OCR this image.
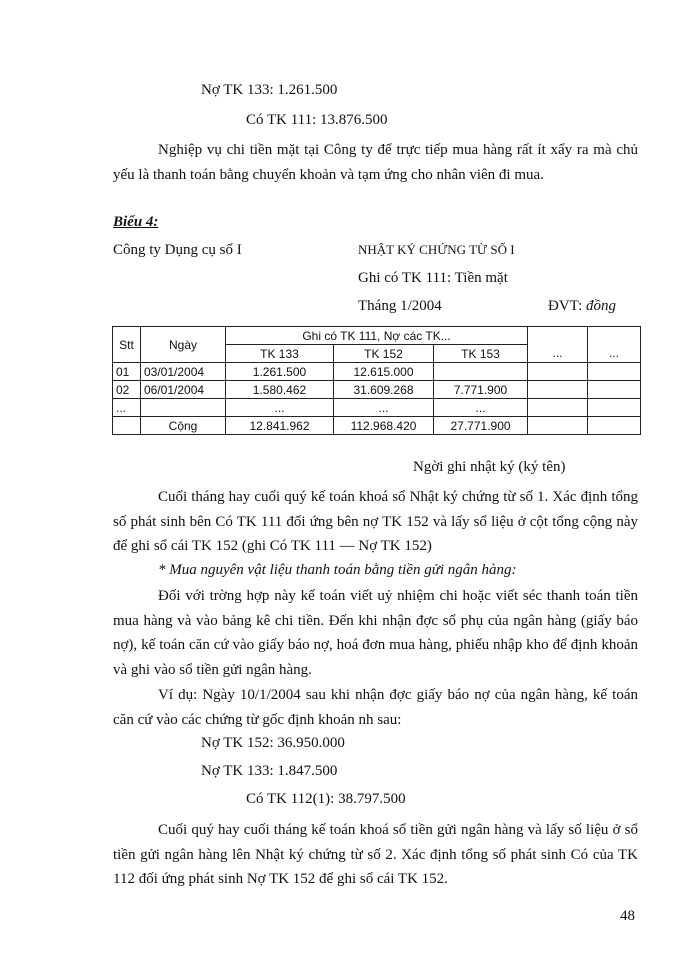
Nợ TK 133: 1.261.500
Có TK 111: 13.876.500
Nghiệp vụ chi tiền mặt tại Công ty để trực tiếp mua hàng rất ít xẩy ra mà chủ yếu là thanh toán bằng chuyển khoản và tạm ứng cho nhân viên đi mua.
Biểu 4:
Công ty Dụng cụ số I	NHẬT KÝ CHỨNG TỪ SỐ I
Ghi có TK 111: Tiền mặt
Tháng 1/2004	ĐVT: đồng
Stt	Ngày	Ghi có TK 111, Nợ các TK...				
		TK 133	TK 152	TK 153	...	...
01	03/01/2004	1.261.500	12.615.000			
02	06/01/2004	1.580.462	31.609.268	7.771.900		
...		...	...	...		
	Cộng	12.841.962	112.968.420	27.771.900		
Ngời ghi nhật ký (ký tên)
Cuối tháng hay cuối quý kế toán khoá sổ Nhật ký chứng từ số 1. Xác định tổng số phát sinh bên Có TK 111 đối ứng bên nợ TK 152 và lấy số liệu ở cột tổng cộng này để ghi sổ cái TK 152 (ghi Có TK 111 — Nợ TK 152)
* Mua nguyên vật liệu thanh toán bằng tiền gửi ngân hàng:
Đối với trờng hợp này kế toán viết uỷ nhiệm chi hoặc viết séc thanh toán tiền mua hàng và vào bảng kê chi tiền. Đến khi nhận đợc sổ phụ của ngân hàng (giấy báo nợ), kế toán căn cứ vào giấy báo nợ, hoá đơn mua hàng, phiếu nhập kho để định khoản và ghi vào sổ tiền gửi ngân hàng.
Ví dụ: Ngày 10/1/2004 sau khi nhận đợc giấy báo nợ của ngân hàng, kế toán căn cứ vào các chứng từ gốc định khoản nh sau:
Nợ TK 152: 36.950.000
Nợ TK 133: 1.847.500
Có TK 112(1): 38.797.500
Cuối quý hay cuối tháng kế toán khoá sổ tiền gửi ngân hàng và lấy số liệu ở sổ tiền gửi ngân hàng lên Nhật ký chứng từ số 2. Xác định tổng số phát sinh Có của TK 112 đối ứng phát sinh Nợ TK 152 để ghi sổ cái TK 152.
48
